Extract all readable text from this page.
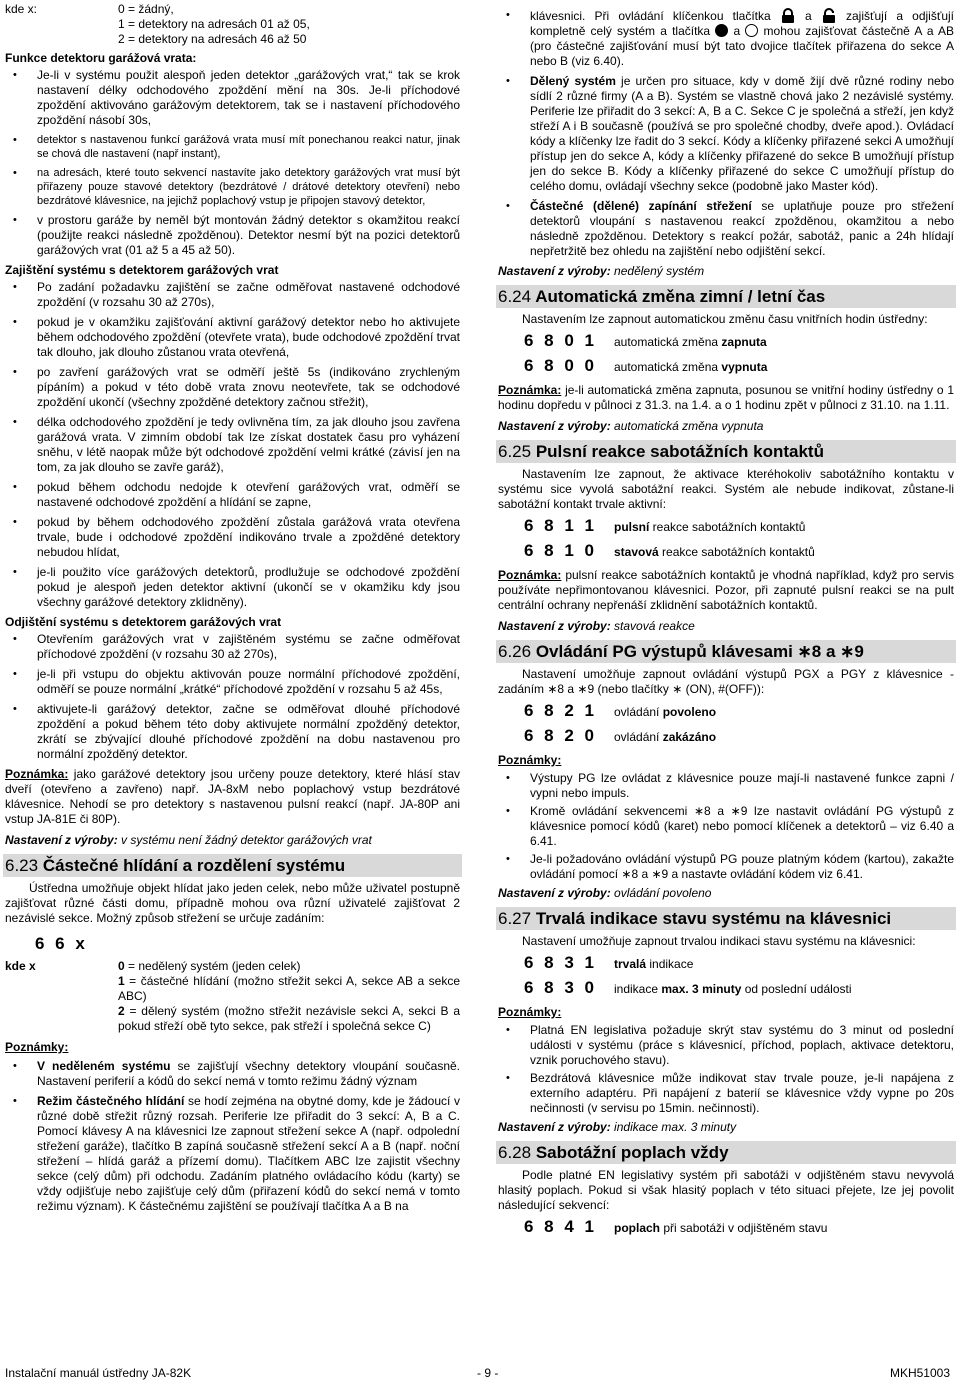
kde x:	0 = žádný,
1 = detektory na adresách 01 až 05,
2 = detektory na adresách 46 až 50
Funkce detektoru garážová vrata:
• Je-li v systému použit alespoň jeden detektor „garážových vrat,“ tak se krok nastavení délky odchodového zpoždění mění na 30s. Je-li příchodové zpoždění aktivováno garážovým detektorem, tak se i nastavení příchodového zpoždění násobí 30s,
• detektor s nastavenou funkcí garážová vrata musí mít ponechanou reakci natur, jinak se chová dle nastavení (např instant),
• na adresách, které touto sekvencí nastavíte jako detektory garážových vrat musí být přiřazeny pouze stavové detektory (bezdrátové / drátové detektory otevření) nebo bezdrátové klávesnice, na jejichž poplachový vstup je připojen stavový detektor,
• v prostoru garáže by neměl být montován žádný detektor s okamžitou reakcí (použijte reakci následně zpožděnou). Detektor nesmí být na pozici detektorů garážových vrat (01 až 5 a 45 až 50).
Zajištění systému s detektorem garážových vrat
• Po zadání požadavku zajištění se začne odměřovat nastavené odchodové zpoždění (v rozsahu 30 až 270s),
• pokud je v okamžiku zajišťování aktivní garážový detektor nebo ho aktivujete během odchodového zpoždění (otevřete vrata), bude odchodové zpoždění trvat tak dlouho, jak dlouho zůstanou vrata otevřená,
• po zavření garážových vrat se odměří ještě 5s (indikováno zrychleným pípáním) a pokud v této době vrata znovu neotevřete, tak se odchodové zpoždění ukončí (všechny zpožděné detektory začnou střežit),
• délka odchodového zpoždění je tedy ovlivněna tím, za jak dlouho jsou zavřena garážová vrata. V zimním období tak lze získat dostatek času pro vyházení sněhu, v létě naopak může být odchodové zpoždění velmi krátké (závisí jen na tom, za jak dlouho se zavře garáž),
• pokud během odchodu nedojde k otevření garážových vrat, odměří se nastavené odchodové zpoždění a hlídání se zapne,
• pokud by během odchodového zpoždění zůstala garážová vrata otevřena trvale, bude i odchodové zpoždění indikováno trvale a zpožděné detektory nebudou hlídat,
• je-li použito více garážových detektorů, prodlužuje se odchodové zpoždění pokud je alespoň jeden detektor aktivní (ukončí se v okamžiku kdy jsou všechny garážové detektory zklidněny).
Odjištění systému s detektorem garážových vrat
• Otevřením garážových vrat v zajištěném systému se začne odměřovat příchodové zpoždění (v rozsahu 30 až 270s),
• je-li při vstupu do objektu aktivován pouze normální příchodové zpoždění, odměří se pouze normální „krátké“ příchodové zpoždění v rozsahu 5 až 45s,
• aktivujete-li garážový detektor, začne se odměřovat dlouhé příchodové zpoždění a pokud během této doby aktivujete normální zpožděný detektor, zkrátí se zbývající dlouhé příchodové zpoždění na dobu nastavenou pro normální zpožděný detektor.

Poznámka: jako garážové detektory jsou určeny pouze detektory, které hlásí stav dveří (otevřeno a zavřeno) např. JA-8xM nebo poplachový vstup bezdrátové klávesnice. Nehodí se pro detektory s nastavenou pulsní reakcí (např. JA-80P ani vstup JA-81E či 80P).

Nastavení z výroby: v systému není žádný detektor garážových vrat

6.23 Částečné hlídání a rozdělení systému

Ústředna umožňuje objekt hlídat jako jeden celek, nebo může uživatel postupně zajišťovat různé části domu, případně mohou ova různí uživatelé zajišťovat 2 nezávislé sekce. Možný způsob střežení se určuje zadáním:

6 6 x
kde x	0 = nedělený systém (jeden celek)
1 = částečné hlídání (možno střežit sekci A, sekce AB a sekce ABC)
2 = dělený systém (možno střežit nezávisle sekci A, sekci B a pokud střeží obě tyto sekce, pak střeží i společná sekce C)

Poznámky:

• V neděleném systému se zajišťují všechny detektory vloupání současně. Nastavení periferií a kódů do sekcí nemá v tomto režimu žádný význam
• Režim částečného hlídání se hodí zejména na obytné domy, kde je žádoucí v různé době střežit různý rozsah. Periferie lze přiřadit do 3 sekcí: A, B a C. Pomocí klávesy A na klávesnici lze zapnout střežení sekce A (např. odpolední střežení garáže), tlačítko B zapíná současně střežení sekcí A a B (např. noční střežení – hlídá garáž a přízemí domu). Tlačítkem ABC lze zajistit všechny sekce (celý dům) při odchodu. Zadáním platného ovládacího kódu (karty) se vždy odjišťuje nebo zajišťuje celý dům (přiřazení kódů do sekcí nemá v tomto režimu význam). K částečnému zajištění se používají tlačítka A a B na
• klávesnici. Při ovládání klíčenkou tlačítka	a	zajišťují a odjišťují kompletně celý systém a tlačítka a mohou zajišťovat částečně A a AB (pro částečné zajišťování musí být tato dvojice tlačítek přiřazena do sekce A nebo B (viz 6.40).
• Dělený systém je určen pro situace, kdy v domě žijí dvě různé rodiny nebo sídlí 2 různé firmy (A a B). Systém se vlastně chová jako 2 nezávislé systémy. Periferie lze přiřadit do 3 sekcí: A, B a C. Sekce C je společná a střeží, jen když střeží A i B současně (používá se pro společné chodby, dveře apod.). Ovládací kódy a klíčenky lze řadit do 3 sekcí. Kódy a klíčenky přiřazené sekci A umožňují přístup jen do sekce A, kódy a klíčenky přiřazené do sekce B umožňují přístup jen do sekce B. Kódy a klíčenky přiřazené do sekce C umožňují přístup do celého domu, ovládají všechny sekce (podobně jako Master kód).
• Částečné (dělené) zapínání střežení se uplatňuje pouze pro střežení detektorů vloupání s nastavenou reakcí zpožděnou, okamžitou a nebo následně zpožděnou. Detektory s reakcí požár, sabotáž, panic a 24h hlídají nepřetržitě bez ohledu na zajištění nebo odjištění sekcí.

Nastavení z výroby: nedělený systém

6.24 Automatická změna zimní / letní čas

Nastavením lze zapnout automatickou změnu času vnitřních hodin ústředny:

6 8 0 1	automatická změna zapnuta
6 8 0 0	automatická změna vypnuta

Poznámka: je-li automatická změna zapnuta, posunou se vnitřní hodiny ústředny o 1 hodinu dopředu v půlnoci z 31.3. na 1.4. a o 1 hodinu zpět v půlnoci z 31.10. na 1.11.

Nastavení z výroby: automatická změna vypnuta

6.25 Pulsní reakce sabotážních kontaktů

Nastavením lze zapnout, že aktivace kteréhokoliv sabotážního kontaktu v systému sice vyvolá sabotážní reakci. Systém ale nebude indikovat, zůstane-li sabotážní kontakt trvale aktivní:

6 8 1 1	pulsní reakce sabotážních kontaktů
6 8 1 0	stavová reakce sabotážních kontaktů

Poznámka: pulsní reakce sabotážních kontaktů je vhodná například, když pro servis používáte nepřimontovanou klávesnici. Pozor, při zapnuté pulsní reakci se na pult centrální ochrany nepřenáší zklidnění sabotážních kontaktů.

Nastavení z výroby: stavová reakce

6.26 Ovládání PG výstupů klávesami ∗8 a ∗9

Nastavení umožňuje zapnout ovládání výstupů PGX a PGY z klávesnice - zadáním ∗8 a ∗9 (nebo tlačítky ∗ (ON), #(OFF)):

6 8 2 1	ovládání povoleno
6 8 2 0	ovládání zakázáno

Poznámky:

• Výstupy PG lze ovládat z klávesnice pouze mají-li nastavené funkce zapni / vypni nebo impuls.
• Kromě ovládání sekvencemi ∗8 a ∗9 lze nastavit ovládání PG výstupů z klávesnice pomocí kódů (karet) nebo pomocí klíčenek a detektorů – viz 6.40 a 6.41.
• Je-li požadováno ovládání výstupů PG pouze platným kódem (kartou), zakažte ovládání pomocí ∗8 a ∗9 a nastavte ovládání kódem viz 6.41.

Nastavení z výroby: ovládání povoleno

6.27 Trvalá indikace stavu systému na klávesnici

Nastavení umožňuje zapnout trvalou indikaci stavu systému na klávesnici:

6 8 3 1	trvalá indikace
6 8 3 0	indikace max. 3 minuty od poslední události

Poznámky:

• Platná EN legislativa požaduje skrýt stav systému do 3 minut od poslední události v systému (práce s klávesnicí, příchod, poplach, aktivace detektoru, vznik poruchového stavu).
• Bezdrátová klávesnice může indikovat stav trvale pouze, je-li napájena z externího adaptéru. Při napájení z baterií se klávesnice vždy vypne po 20s nečinnosti (v servisu po 15min. nečinnosti).

Nastavení z výroby: indikace max. 3 minuty

6.28 Sabotážní poplach vždy

Podle platné EN legislativy systém při sabotáži v odjištěném stavu nevyvolá hlasitý poplach. Pokud si však hlasitý poplach v této situaci přejete, lze jej povolit následující sekvencí:

6 8 4 1	poplach při sabotáži v odjištěném stavu
Instalační manuál ústředny JA-82K	- 9 -	MKH51003
